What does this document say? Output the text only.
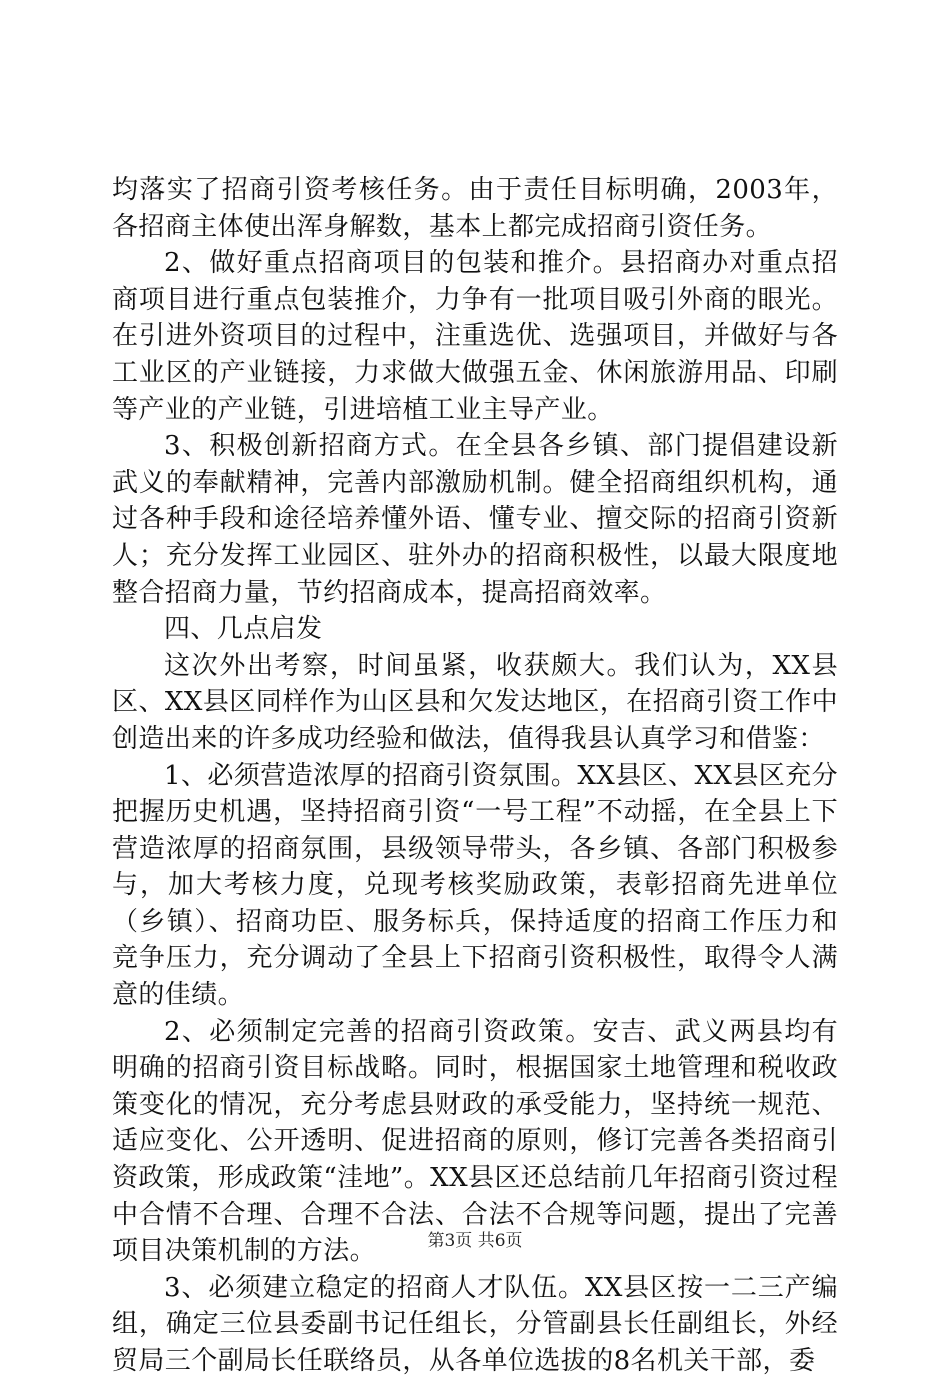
均落实了招商引资考核任务。由于责任目标明确，2003年，各招商主体使出浑身解数，基本上都完成招商引资任务。

2、做好重点招商项目的包装和推介。县招商办对重点招商项目进行重点包装推介，力争有一批项目吸引外商的眼光。在引进外资项目的过程中，注重选优、选强项目，并做好与各工业区的产业链接，力求做大做强五金、休闲旅游用品、印刷等产业的产业链，引进培植工业主导产业。

3、积极创新招商方式。在全县各乡镇、部门提倡建设新武义的奉献精神，完善内部激励机制。健全招商组织机构，通过各种手段和途径培养懂外语、懂专业、擅交际的招商引资新人；充分发挥工业园区、驻外办的招商积极性，以最大限度地整合招商力量，节约招商成本，提高招商效率。

四、几点启发

这次外出考察，时间虽紧，收获颇大。我们认为，XX县区、XX县区同样作为山区县和欠发达地区，在招商引资工作中创造出来的许多成功经验和做法，值得我县认真学习和借鉴：

1、必须营造浓厚的招商引资氛围。XX县区、XX县区充分把握历史机遇，坚持招商引资“一号工程”不动摇，在全县上下营造浓厚的招商氛围，县级领导带头，各乡镇、各部门积极参与，加大考核力度，兑现考核奖励政策，表彰招商先进单位（乡镇）、招商功臣、服务标兵，保持适度的招商工作压力和竞争压力，充分调动了全县上下招商引资积极性，取得令人满意的佳绩。

2、必须制定完善的招商引资政策。安吉、武义两县均有明确的招商引资目标战略。同时，根据国家土地管理和税收政策变化的情况，充分考虑县财政的承受能力，坚持统一规范、适应变化、公开透明、促进招商的原则，修订完善各类招商引资政策，形成政策“洼地”。XX县区还总结前几年招商引资过程中合情不合理、合理不合法、合法不合规等问题，提出了完善项目决策机制的方法。

3、必须建立稳定的招商人才队伍。XX县区按一二三产编组，确定三位县委副书记任组长，分管副县长任副组长，外经贸局三个副局长任联络员，从各单位选拔的8名机关干部，委

第3页 共6页
